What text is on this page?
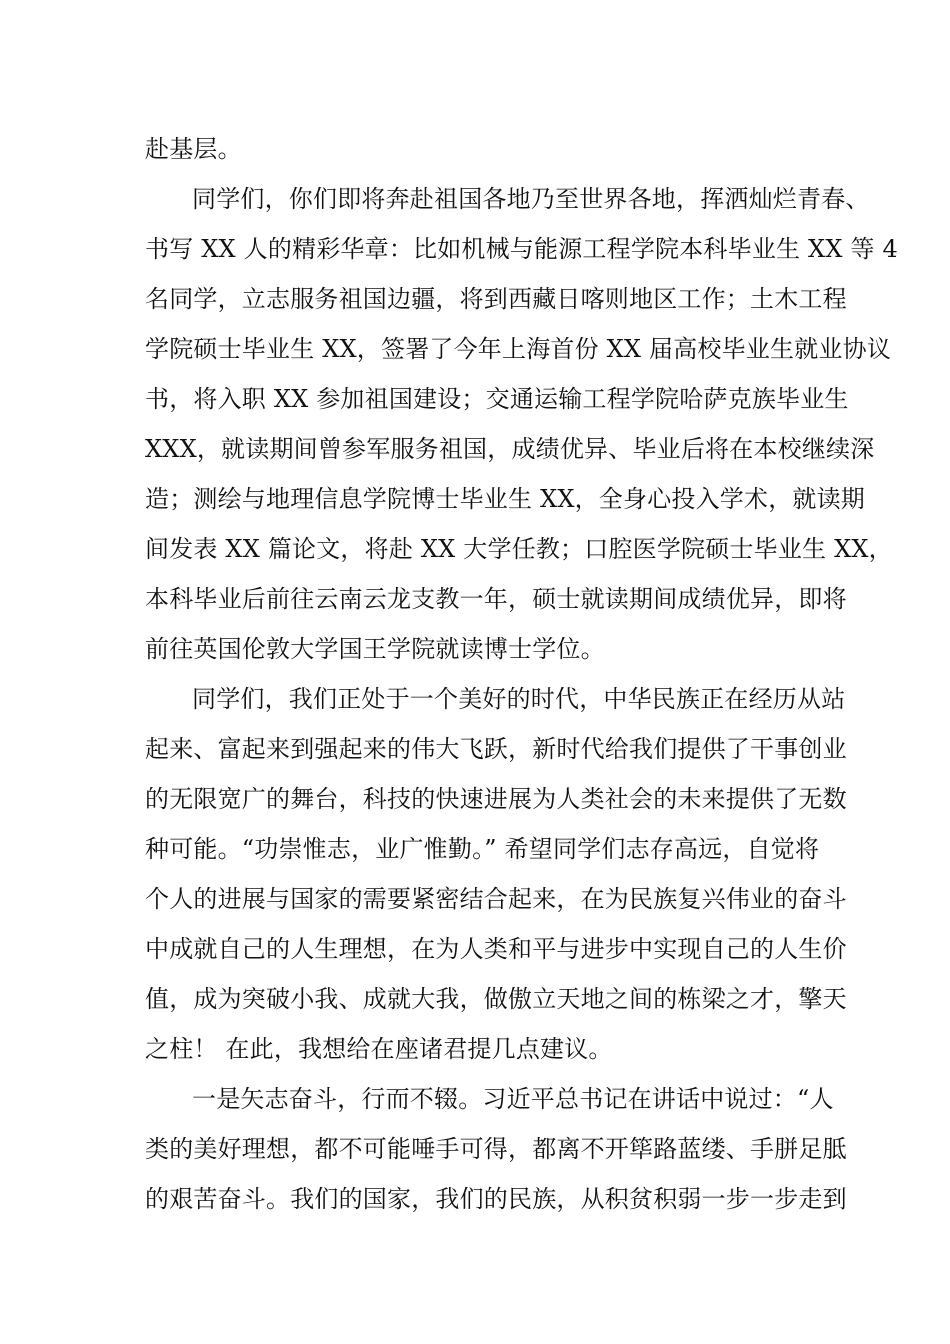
赴基层。
同学们，你们即将奔赴祖国各地乃至世界各地，挥洒灿烂青春、
书写 XX 人的精彩华章：比如机械与能源工程学院本科毕业生 XX 等 4
名同学，立志服务祖国边疆，将到西藏日喀则地区工作；土木工程
学院硕士毕业生 XX，签署了今年上海首份 XX 届高校毕业生就业协议
书，将入职 XX 参加祖国建设；交通运输工程学院哈萨克族毕业生
XXX，就读期间曾参军服务祖国，成绩优异、毕业后将在本校继续深
造；测绘与地理信息学院博士毕业生 XX，全身心投入学术，就读期
间发表 XX 篇论文，将赴 XX 大学任教；口腔医学院硕士毕业生 XX，
本科毕业后前往云南云龙支教一年，硕士就读期间成绩优异，即将
前往英国伦敦大学国王学院就读博士学位。
同学们，我们正处于一个美好的时代，中华民族正在经历从站
起来、富起来到强起来的伟大飞跃，新时代给我们提供了干事创业
的无限宽广的舞台，科技的快速进展为人类社会的未来提供了无数
种可能。“功崇惟志，业广惟勤。” 希望同学们志存高远，自觉将
个人的进展与国家的需要紧密结合起来，在为民族复兴伟业的奋斗
中成就自己的人生理想，在为人类和平与进步中实现自己的人生价
值，成为突破小我、成就大我，做傲立天地之间的栋梁之才，擎天
之柱！ 在此，我想给在座诸君提几点建议。
一是矢志奋斗，行而不辍。习近平总书记在讲话中说过：“人
类的美好理想，都不可能唾手可得，都离不开筚路蓝缕、手胼足胝
的艰苦奋斗。我们的国家，我们的民族，从积贫积弱一步一步走到
